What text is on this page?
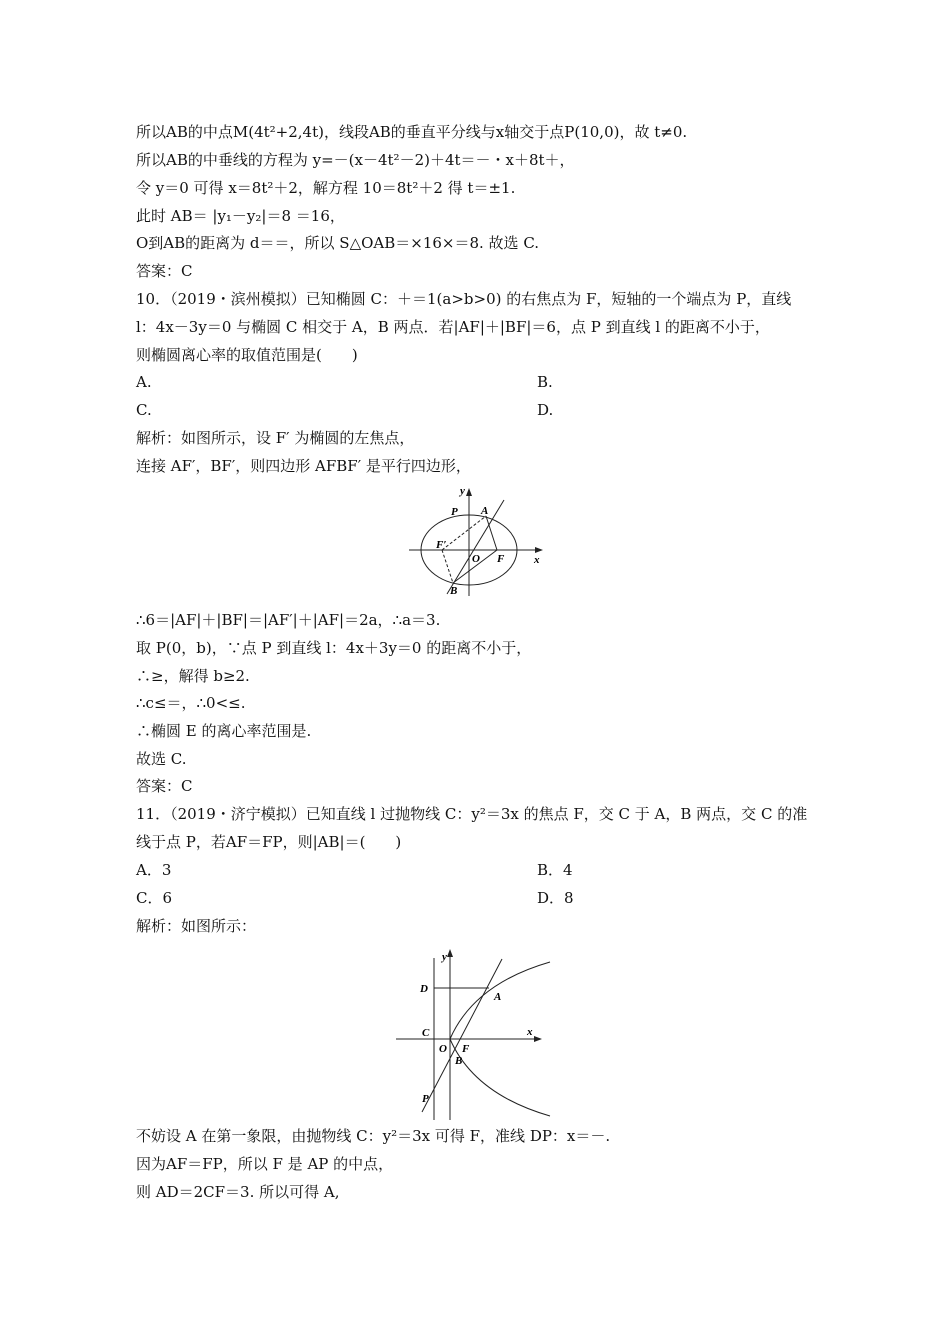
所以AB的中点M(4t²+2,4t)，线段AB的垂直平分线与x轴交于点P(10,0)，故 t≠0.
所以AB的中垂线的方程为 y=－(x－4t²－2)＋4t＝－・x＋8t＋，
令 y＝0 可得 x＝8t²＋2，解方程 10＝8t²＋2 得 t＝±1.
此时 AB＝ |y₁－y₂|＝8 ＝16，
O到AB的距离为 d＝＝，所以 S△OAB＝×16×＝8. 故选 C.
答案：C
10．（2019・滨州模拟）已知椭圆 C：＋＝1(a>b>0) 的右焦点为 F，短轴的一个端点为 P，直线
l：4x－3y＝0 与椭圆 C 相交于 A，B 两点．若|AF|＋|BF|＝6，点 P 到直线 l 的距离不小于，
则椭圆离心率的取值范围是(　　)
A.	B.
C.	D.
解析：如图所示，设 F′ 为椭圆的左焦点，
连接 AF′，BF′，则四边形 AFBF′ 是平行四边形，
y
x
P A
F′
O F
B
∴6＝|AF|＋|BF|＝|AF′|＋|AF|＝2a，∴a＝3.
取 P(0，b)，∵点 P 到直线 l：4x＋3y＝0 的距离不小于，
∴≥，解得 b≥2.
∴c≤＝，∴0<≤.
∴椭圆 E 的离心率范围是.
故选 C.
答案：C
11．（2019・济宁模拟）已知直线 l 过抛物线 C：y²＝3x 的焦点 F，交 C 于 A，B 两点，交 C 的准
线于点 P，若AF＝FP，则|AB|＝(　　)
A．3	B．4
C．6	D．8
解析：如图所示：
y
x
D
A
C
O F
B
P
不妨设 A 在第一象限，由抛物线 C：y²＝3x 可得 F，准线 DP：x＝－.
因为AF＝FP，所以 F 是 AP 的中点，
则 AD＝2CF＝3. 所以可得 A,
